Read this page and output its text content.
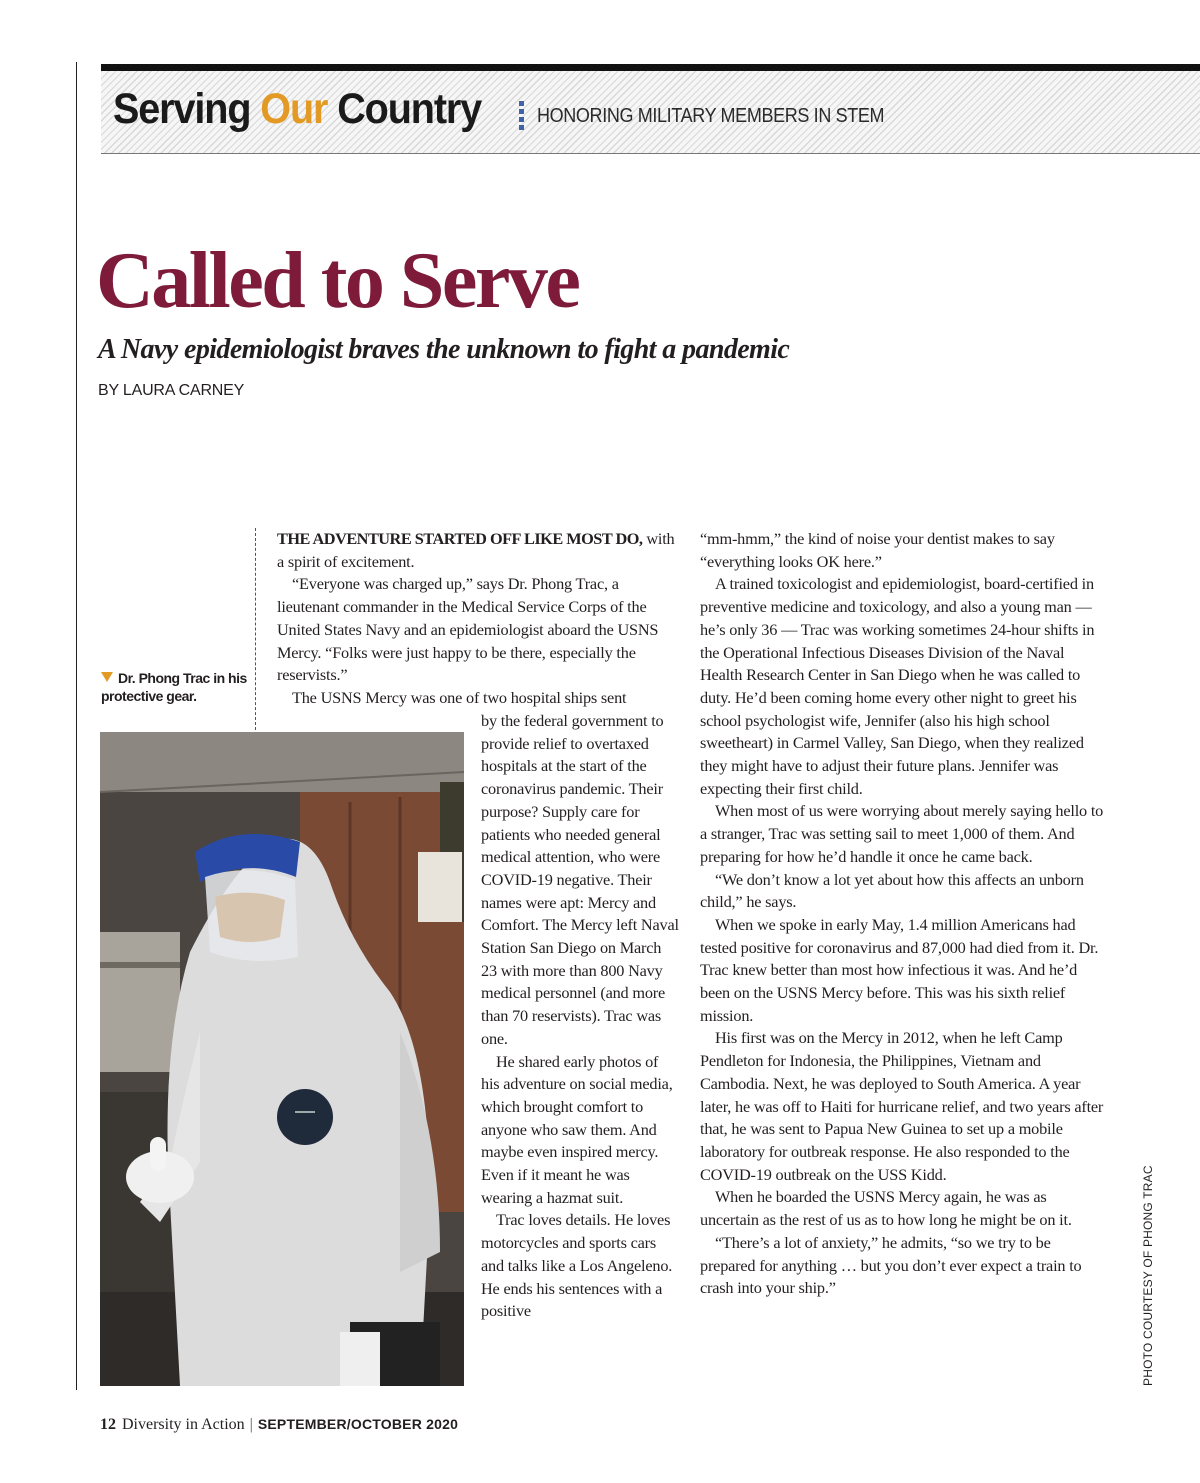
Serving Our Country	HONORING MILITARY MEMBERS IN STEM
Called to Serve
A Navy epidemiologist braves the unknown to fight a pandemic
BY LAURA CARNEY
Dr. Phong Trac in his protective gear.

THE ADVENTURE STARTED OFF LIKE MOST DO, with a spirit of excitement.

“Everyone was charged up,” says Dr. Phong Trac, a lieutenant commander in the Medical Service Corps of the United States Navy and an epidemiologist aboard the USNS Mercy. “Folks were just happy to be there, especially the reservists.”

The USNS Mercy was one of two hospital ships sent

by the federal government to provide relief to overtaxed hospitals at the start of the coronavirus pandemic. Their purpose? Supply care for patients who needed general medical attention, who were COVID-19 negative. Their names were apt: Mercy and Comfort. The Mercy left Naval Station San Diego on March 23 with more than 800 Navy medical personnel (and more than 70 reservists). Trac was one.

He shared early photos of his adventure on social media, which brought comfort to anyone who saw them. And maybe even inspired mercy. Even if it meant he was wearing a hazmat suit.

Trac loves details. He loves motorcycles and sports cars and talks like a Los Angeleno. He ends his sentences with a positive

“mm-hmm,” the kind of noise your dentist makes to say “everything looks OK here.”

A trained toxicologist and epidemiologist, board-certified in preventive medicine and toxicology, and also a young man — he’s only 36 — Trac was working sometimes 24-hour shifts in the Operational Infectious Diseases Division of the Naval Health Research Center in San Diego when he was called to duty. He’d been coming home every other night to greet his school psychologist wife, Jennifer (also his high school sweetheart) in Carmel Valley, San Diego, when they realized they might have to adjust their future plans. Jennifer was expecting their first child.

When most of us were worrying about merely saying hello to a stranger, Trac was setting sail to meet 1,000 of them. And preparing for how he’d handle it once he came back.

“We don’t know a lot yet about how this affects an unborn child,” he says.

When we spoke in early May, 1.4 million Americans had tested positive for coronavirus and 87,000 had died from it. Dr. Trac knew better than most how infectious it was. And he’d been on the USNS Mercy before. This was his sixth relief mission.

His first was on the Mercy in 2012, when he left Camp Pendleton for Indonesia, the Philippines, Vietnam and Cambodia. Next, he was deployed to South America. A year later, he was off to Haiti for hurricane relief, and two years after that, he was sent to Papua New Guinea to set up a mobile laboratory for outbreak response. He also responded to the COVID-19 outbreak on the USS Kidd.

When he boarded the USNS Mercy again, he was as uncertain as the rest of us as to how long he might be on it.

“There’s a lot of anxiety,” he admits, “so we try to be prepared for anything … but you don’t ever expect a train to crash into your ship.”	PHOTO COURTESY OF PHONG TRAC
12 Diversity in Action | SEPTEMBER/OCTOBER 2020
